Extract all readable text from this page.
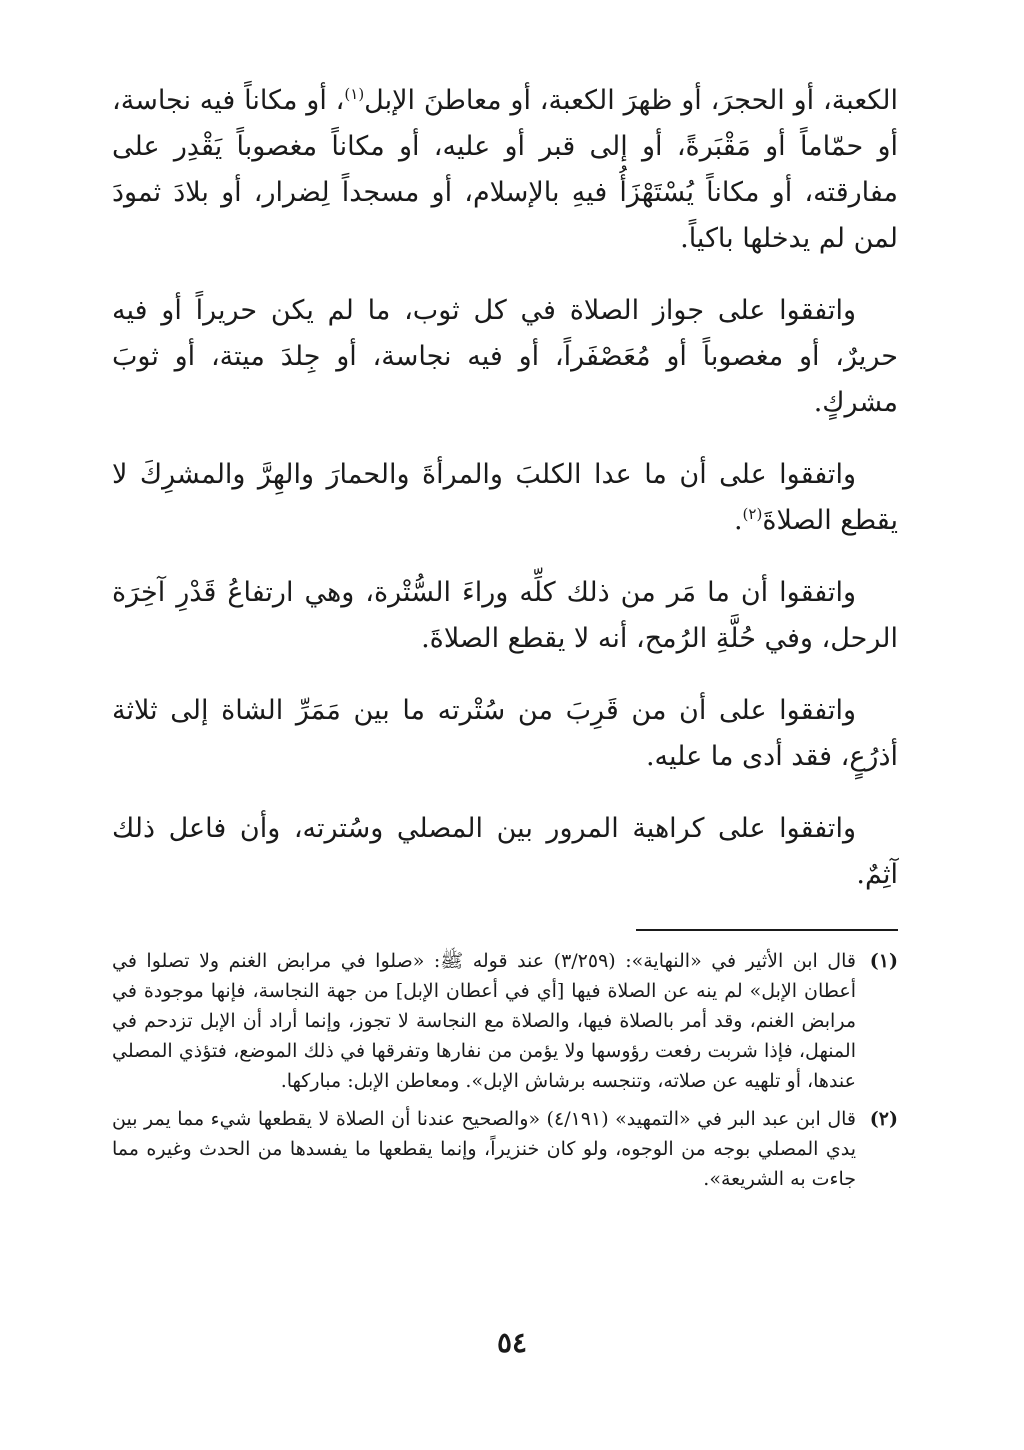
الكعبة، أو الحجرَ، أو ظهرَ الكعبة، أو معاطنَ الإبل$^{(١)}$، أو مكاناً فيه نجاسة، أو حمّاماً أو مَقْبَرةً، أو إلى قبر أو عليه، أو مكاناً مغصوباً يَقْدِر على مفارقته، أو مكاناً يُسْتَهْزَأُ فيهِ بالإسلام، أو مسجداً لِضرار، أو بلادَ ثمودَ لمن لم يدخلها باكياً.

واتفقوا على جواز الصلاة في كل ثوب، ما لم يكن حريراً أو فيه حريرٌ، أو مغصوباً أو مُعَصْفَراً، أو فيه نجاسة، أو جِلدَ ميتة، أو ثوبَ مشركٍ.

واتفقوا على أن ما عدا الكلبَ والمرأةَ والحمارَ والهِرَّ والمشرِكَ لا يقطع الصلاةَ$^{(٢)}$.

واتفقوا أن ما مَر من ذلك كلِّه وراءَ السُّتْرة، وهي ارتفاعُ قَدْرِ آخِرَة الرحل، وفي حُلَّةِ الرُمح، أنه لا يقطع الصلاةَ.

واتفقوا على أن من قَرِبَ من سُتْرته ما بين مَمَرِّ الشاة إلى ثلاثة أذرُعٍ، فقد أدى ما عليه.

واتفقوا على كراهية المرور بين المصلي وسُترته، وأن فاعل ذلك آثِمٌ.

(١)
قال ابن الأثير في «النهاية»: (٣/٢٥٩) عند قوله ﷺ: «صلوا في مرابض الغنم ولا تصلوا في أعطان الإبل» لم ينه عن الصلاة فيها [أي في أعطان الإبل] من جهة النجاسة، فإنها موجودة في مرابض الغنم، وقد أمر بالصلاة فيها، والصلاة مع النجاسة لا تجوز، وإنما أراد أن الإبل تزدحم في المنهل، فإذا شربت رفعت رؤوسها ولا يؤمن من نفارها وتفرقها في ذلك الموضع، فتؤذي المصلي عندها، أو تلهيه عن صلاته، وتنجسه برشاش الإبل». ومعاطن الإبل: مباركها.
(٢)
قال ابن عبد البر في «التمهيد» (٤/١٩١) «والصحيح عندنا أن الصلاة لا يقطعها شيء مما يمر بين يدي المصلي بوجه من الوجوه، ولو كان خنزيراً، وإنما يقطعها ما يفسدها من الحدث وغيره مما جاءت به الشريعة».
٥٤
